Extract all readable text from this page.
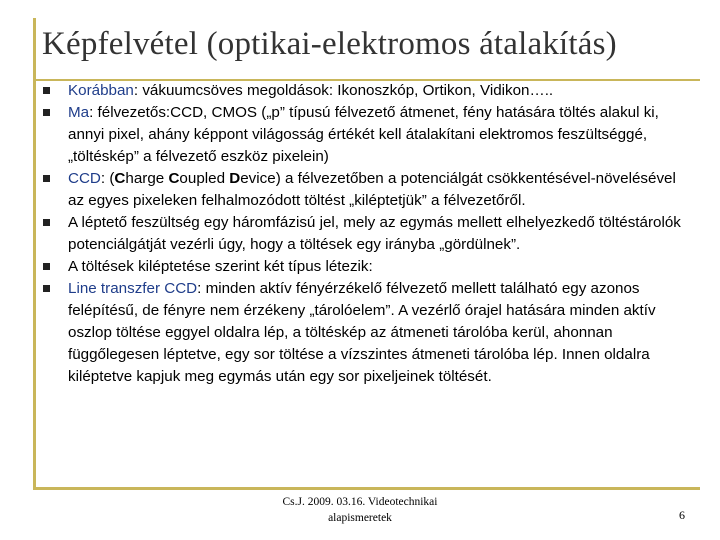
Képfelvétel (optikai-elektromos átalakítás)
Korábban: vákuumcsöves megoldások: Ikonoszkóp, Ortikon, Vidikon…..
Ma: félvezetős:CCD, CMOS („p” típusú félvezető átmenet, fény hatására töltés alakul ki, annyi pixel, ahány képpont világosság értékét kell átalakítani elektromos feszültséggé, „töltéskép” a félvezető eszköz pixelein)
CCD: (Charge Coupled Device) a félvezetőben a potenciálgát csökkentésével-növelésével az egyes pixeleken felhalmozódott töltést „kiléptetjük” a félvezetőről.
A léptető feszültség egy háromfázisú jel, mely az egymás mellett elhelyezkedő töltéstárolók potenciálgátját vezérli úgy, hogy a töltések egy irányba „gördülnek”.
A töltések kiléptetése szerint két típus létezik:
Line transzfer CCD: minden aktív fényérzékelő félvezető mellett található egy azonos felépítésű, de fényre nem érzékeny „tárolóelem”. A vezérlő órajel hatására minden aktív oszlop töltése eggyel oldalra lép, a töltéskép az átmeneti tárolóba kerül, ahonnan függőlegesen léptetve, egy sor töltése a vízszintes átmeneti tárolóba lép. Innen oldalra kiléptetve kapjuk meg egymás után egy sor pixeljeinek töltését.
Cs.J. 2009. 03.16. Videotechnikai
alapismeretek	6
